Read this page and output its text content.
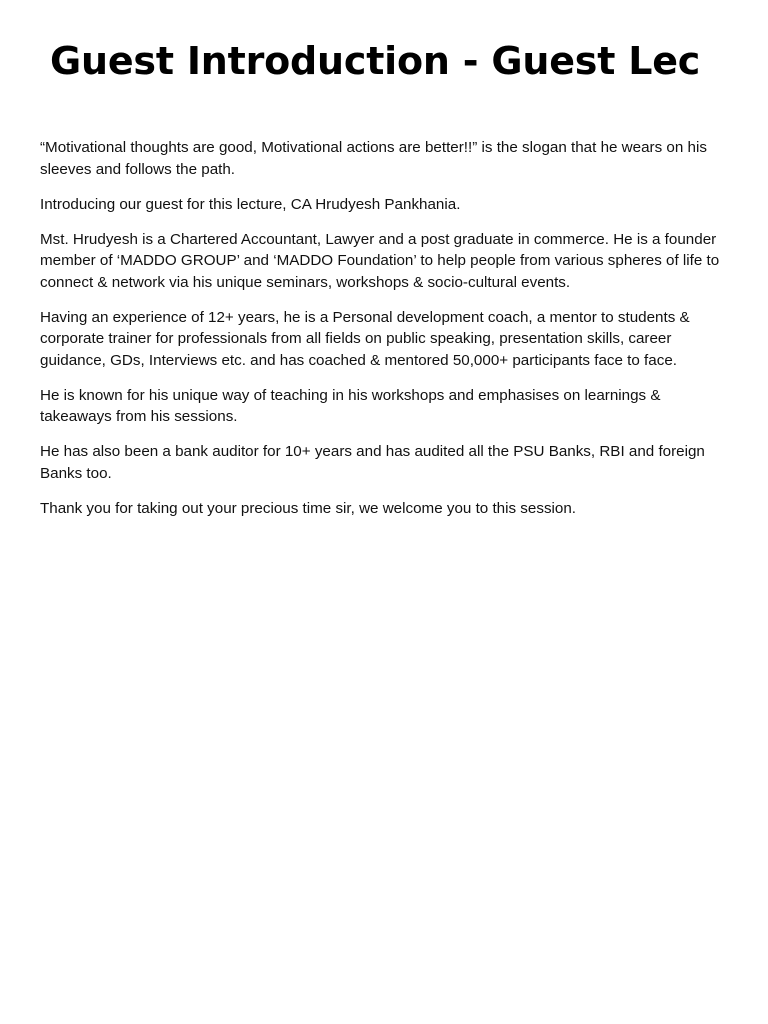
Guest Introduction - Guest Lec

“Motivational thoughts are good, Motivational actions are better!!” is the slogan that he wears on his sleeves and follows the path.

Introducing our guest for this lecture, CA Hrudyesh Pankhania.

Mst. Hrudyesh is a Chartered Accountant, Lawyer and a post graduate in commerce. He is a founder member of ‘MADDO GROUP’ and ‘MADDO Foundation’ to help people from various spheres of life to connect & network via his unique seminars, workshops & socio-cultural events.

Having an experience of 12+ years, he is a Personal development coach, a mentor to students & corporate trainer for professionals from all fields on public speaking, presentation skills, career guidance, GDs, Interviews etc. and has coached & mentored 50,000+ participants face to face.

He is known for his unique way of teaching in his workshops and emphasises on learnings & takeaways from his sessions.

He has also been a bank auditor for 10+ years and has audited all the PSU Banks, RBI and foreign Banks too.

Thank you for taking out your precious time sir, we welcome you to this session.
